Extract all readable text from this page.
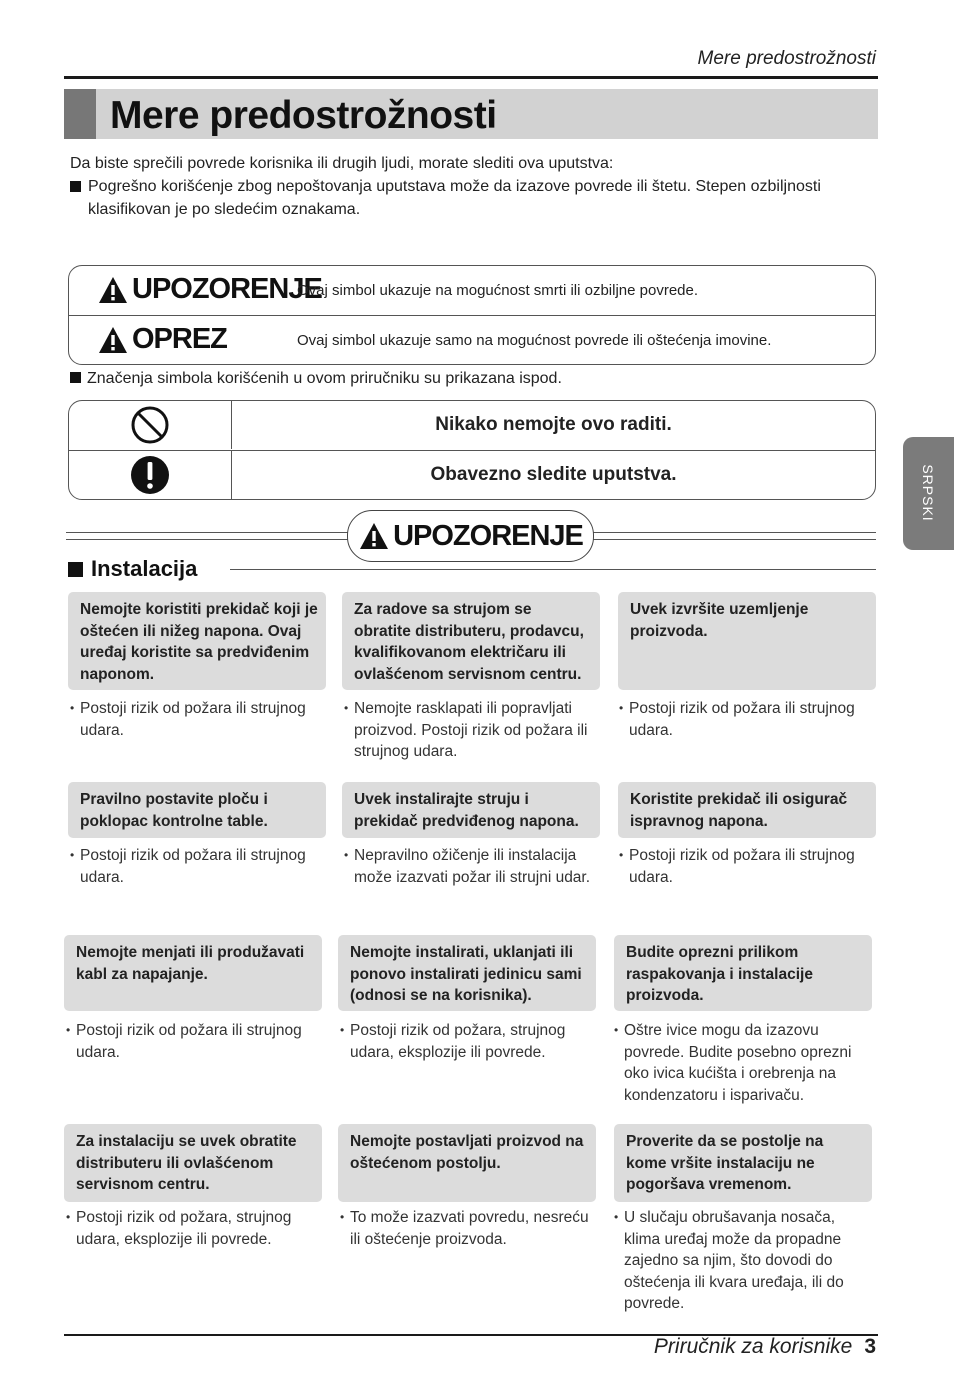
Mere predostrožnosti
Mere predostrožnosti

Da biste sprečili povrede korisnika ili drugih ljudi, morate slediti ova uputstva:

Pogrešno korišćenje zbog nepoštovanja uputstava može da izazove povrede ili štetu. Stepen ozbiljnosti klasifikovan je po sledećim oznakama.

UPOZORENJE
Ovaj simbol ukazuje na mogućnost smrti ili ozbiljne povrede.
OPREZ	Ovaj simbol ukazuje samo na mogućnost povrede ili oštećenja imovine.
Značenja simbola korišćenih u ovom priručniku su prikazana ispod.
Nikako nemojte ovo raditi.
Obavezno sledite uputstva.
UPOZORENJE
Instalacija
Nemojte koristiti prekidač koji je oštećen ili nižeg napona. Ovaj uređaj koristite sa predviđenim naponom.
• Postoji rizik od požara ili strujnog udara.
Za radove sa strujom se obratite distributeru, prodavcu, kvalifikovanom električaru ili ovlašćenom servisnom centru.
• Nemojte rasklapati ili popravljati proizvod. Postoji rizik od požara ili strujnog udara.
Uvek izvršite uzemljenje proizvoda.
• Postoji rizik od požara ili strujnog udara.
Pravilno postavite ploču i poklopac kontrolne table.
• Postoji rizik od požara ili strujnog udara.
Uvek instalirajte struju i prekidač predviđenog napona.
• Nepravilno ožičenje ili instalacija može izazvati požar ili strujni udar.
Koristite prekidač ili osigurač ispravnog napona.
• Postoji rizik od požara ili strujnog udara.
Nemojte menjati ili produžavati kabl za napajanje.
• Postoji rizik od požara ili strujnog udara.
Nemojte instalirati, uklanjati ili ponovo instalirati jedinicu sami (odnosi se na korisnika).
• Postoji rizik od požara, strujnog udara, eksplozije ili povrede.
Budite oprezni prilikom raspakovanja i instalacije proizvoda.
• Oštre ivice mogu da izazovu povrede. Budite posebno oprezni oko ivica kućišta i orebrenja na kondenzatoru i isparivaču.
Za instalaciju se uvek obratite distributeru ili ovlašćenom servisnom centru.
• Postoji rizik od požara, strujnog udara, eksplozije ili povrede.
Nemojte postavljati proizvod na oštećenom postolju.
• To može izazvati povredu, nesreću ili oštećenje proizvoda.
Proverite da se postolje na kome vršite instalaciju ne pogoršava vremenom.
• U slučaju obrušavanja nosača, klima uređaj može da propadne zajedno sa njim, što dovodi do oštećenja ili kvara uređaja, ili do povrede.
SRPSKI
Priručnik za korisnike 3
